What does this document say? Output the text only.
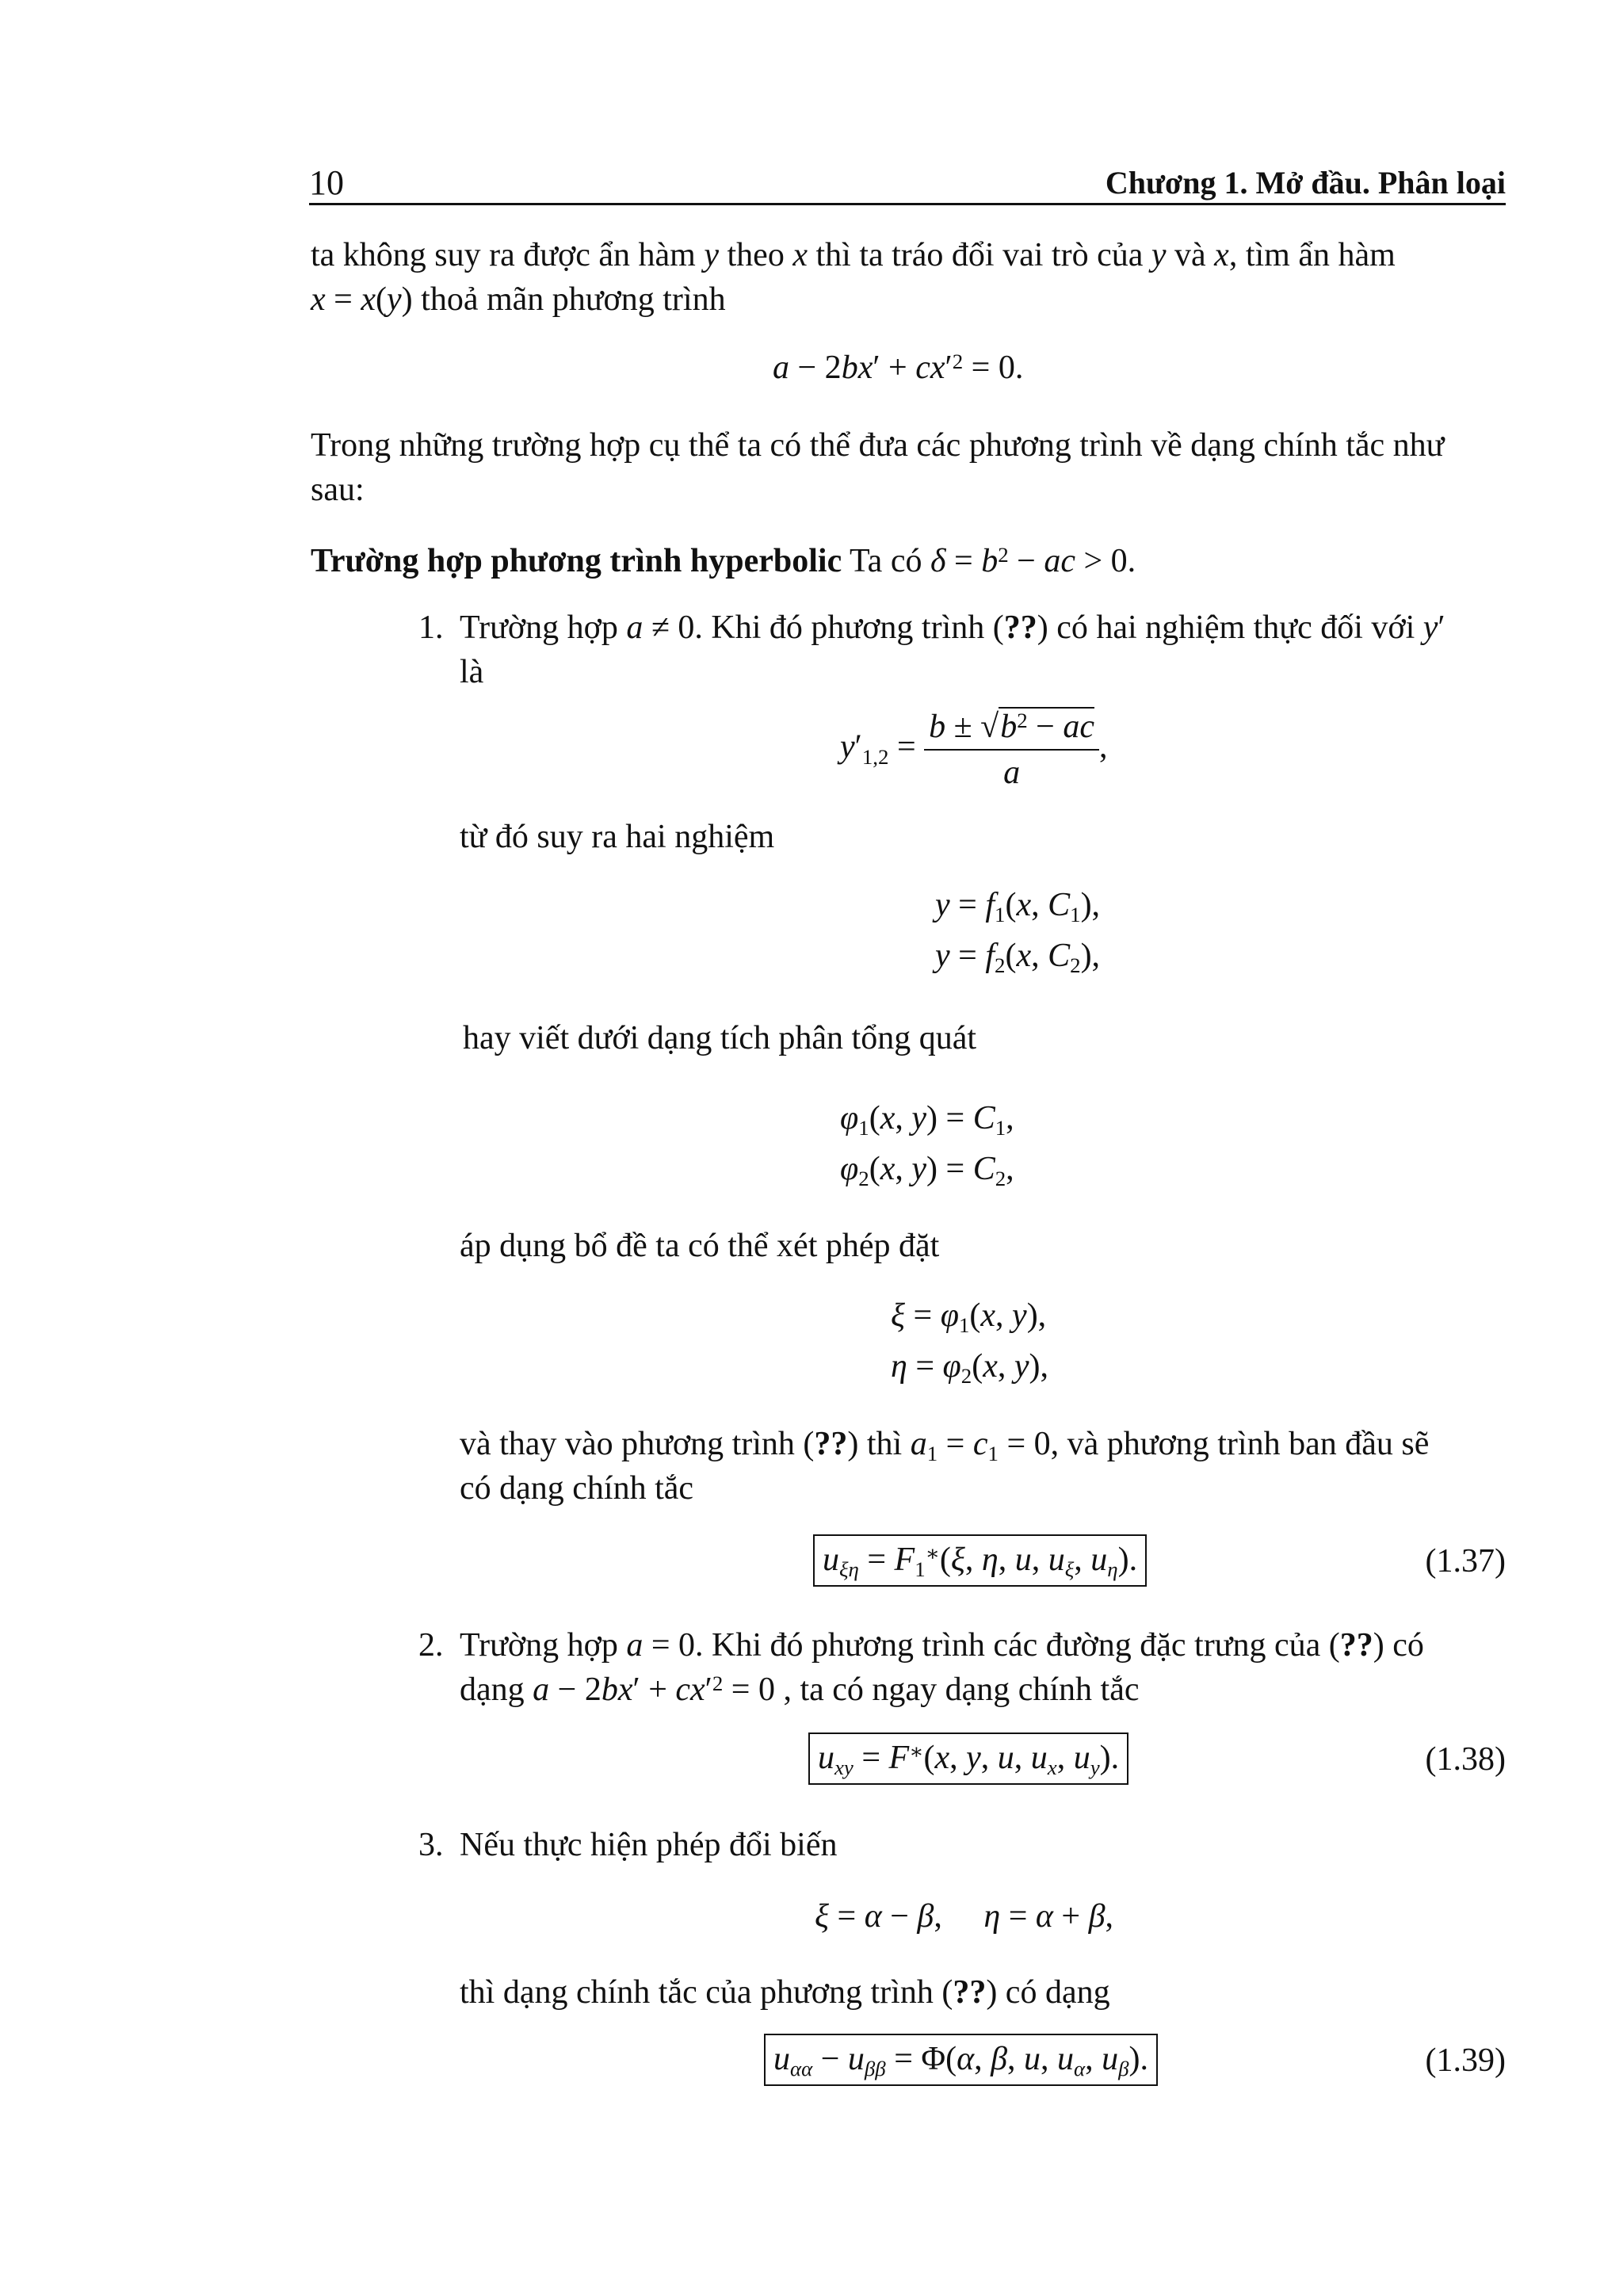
10	Chương 1. Mở đầu. Phân loại
ta không suy ra được ẩn hàm y theo x thì ta tráo đổi vai trò của y và x, tìm ẩn hàm
x = x(y) thoả mãn phương trình
$a - 2bx' + cx'^2 = 0$.
Trong những trường hợp cụ thể ta có thể đưa các phương trình về dạng chính tắc như
sau:
Trường hợp phương trình hyperbolic Ta có $\delta = b^2$ − ac > 0.
1. Trường hợp a ≠ 0. Khi đó phương trình (??) có hai nghiệm thực đối với y′
là
$y'_{1,2} = \frac{b \pm √b^2 - ac}{a}$ ,
từ đó suy ra hai nghiệm
$y = f_1(x$, $C_1$),
$y = f_2(x$, $C_2$),
hay viết dưới dạng tích phân tổng quát
$\varphi_1(x$, $y) = C_1$,
$\varphi_2(x$, $y) = C_2$,
áp dụng bổ đề ta có thể xét phép đặt
$\xi = \varphi_1(x$, y),
$\eta = \varphi_2(x$, y),
và thay vào phương trình (??) thì $a_1 = c_1 = 0$, và phương trình ban đầu sẽ
có dạng chính tắc
$u_{\xi\eta} = F_1^∗(\xi$, η, u, $u_\xi$, $u_\eta$).	(1.37)
2. Trường hợp a = 0. Khi đó phương trình các đường đặc trưng của (??) có
dạng $a - 2bx' + cx'^2 = 0$ , ta có ngay dạng chính tắc
$u_{xy} = F^∗(x$, y, u, $u_x$, $u_y$).	(1.38)
3. Nếu thực hiện phép đổi biến
ξ = α − β,     η = α + β,
thì dạng chính tắc của phương trình (??) có dạng
$u_{\alpha\alpha} - u_{\beta\beta} = \Phi(\alpha$, β, u, $u_\alpha$, $u_\beta$).	(1.39)
